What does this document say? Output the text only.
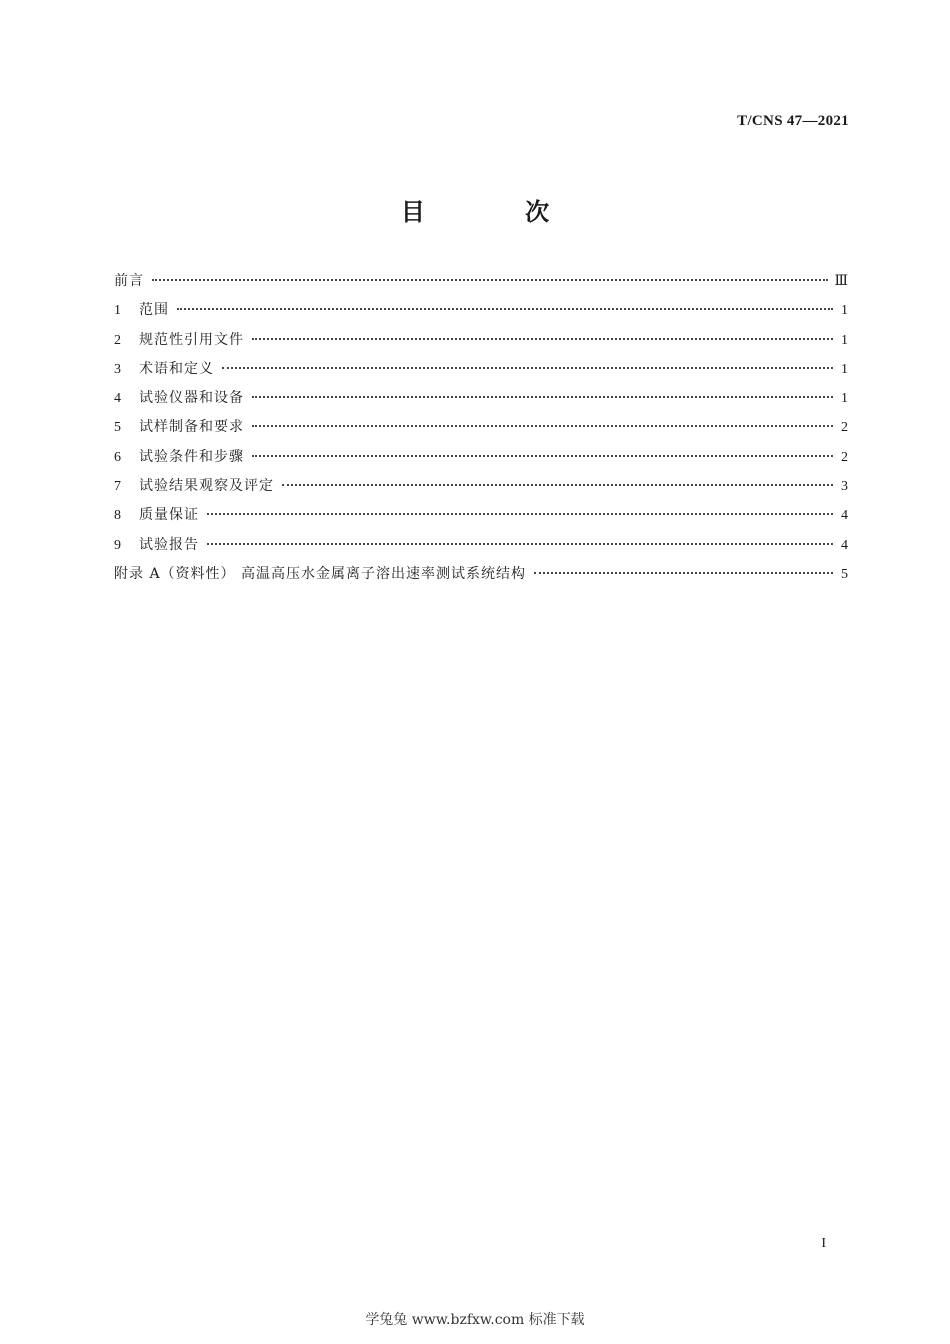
T/CNS 47—2021
目 次
前言	Ⅲ
1	范围	1
2	规范性引用文件	1
3	术语和定义	1
4	试验仪器和设备	1
5	试样制备和要求	2
6	试验条件和步骤	2
7	试验结果观察及评定	3
8	质量保证	4
9	试验报告	4
附录 A（资料性） 高温高压水金属离子溶出速率测试系统结构	5
I
学兔兔 www.bzfxw.com 标准下载
